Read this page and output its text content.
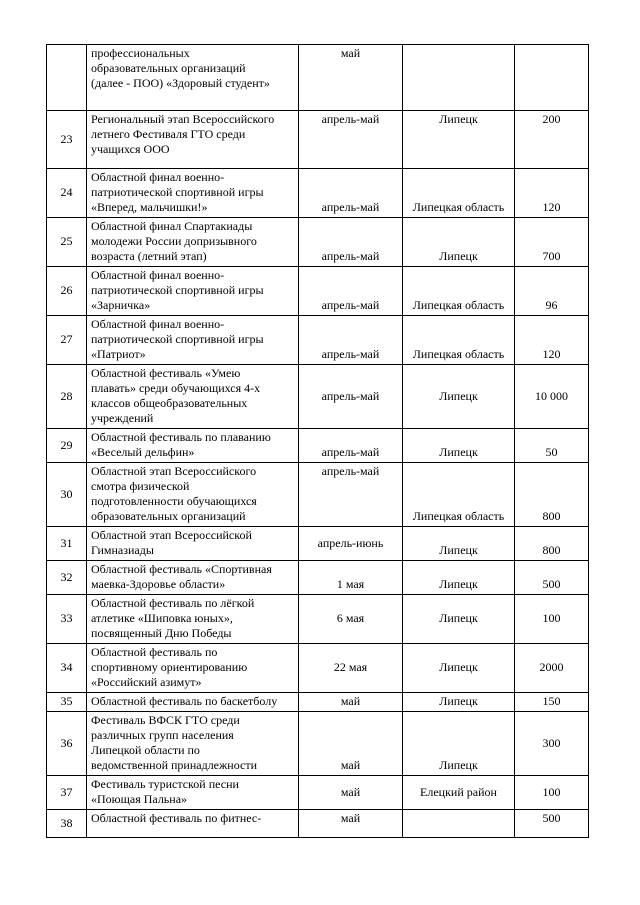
	профессиональных
образовательных организаций
(далее - ПОО) «Здоровый студент»	май		
23	Региональный этап Всероссийского
летнего Фестиваля ГТО среди
учащихся ООО	апрель-май	Липецк	200
24	Областной финал военно-
патриотической спортивной игры
«Вперед, мальчишки!»	апрель-май	Липецкая область	120
25	Областной финал Спартакиады
молодежи России допризывного
возраста (летний этап)	апрель-май	Липецк	700
26	Областной финал военно-
патриотической спортивной игры
«Зарничка»	апрель-май	Липецкая область	96
27	Областной финал военно-
патриотической спортивной игры
«Патриот»	апрель-май	Липецкая область	120
28	Областной фестиваль «Умею
плавать» среди обучающихся 4-х
классов общеобразовательных
учреждений	апрель-май	Липецк	10 000
29	Областной фестиваль по плаванию
«Веселый дельфин»	апрель-май	Липецк	50
30	Областной этап Всероссийского
смотра физической
подготовленности обучающихся
образовательных организаций	апрель-май	Липецкая область	800
31	Областной этап Всероссийской
Гимназиады	апрель-июнь	Липецк	800
32	Областной фестиваль «Спортивная
маевка-Здоровье области»	1 мая	Липецк	500
33	Областной фестиваль по лёгкой
атлетике «Шиповка юных»,
посвященный Дню Победы	6 мая	Липецк	100
34	Областной фестиваль по
спортивному ориентированию
«Российский азимут»	22 мая	Липецк	2000
35	Областной фестиваль по баскетболу	май	Липецк	150
36	Фестиваль ВФСК ГТО среди
различных групп населения
Липецкой области по
ведомственной принадлежности	май	Липецк	300
37	Фестиваль туристской песни
«Поющая Пальна»	май	Елецкий район	100
38	Областной фестиваль по фитнес-	май		500
